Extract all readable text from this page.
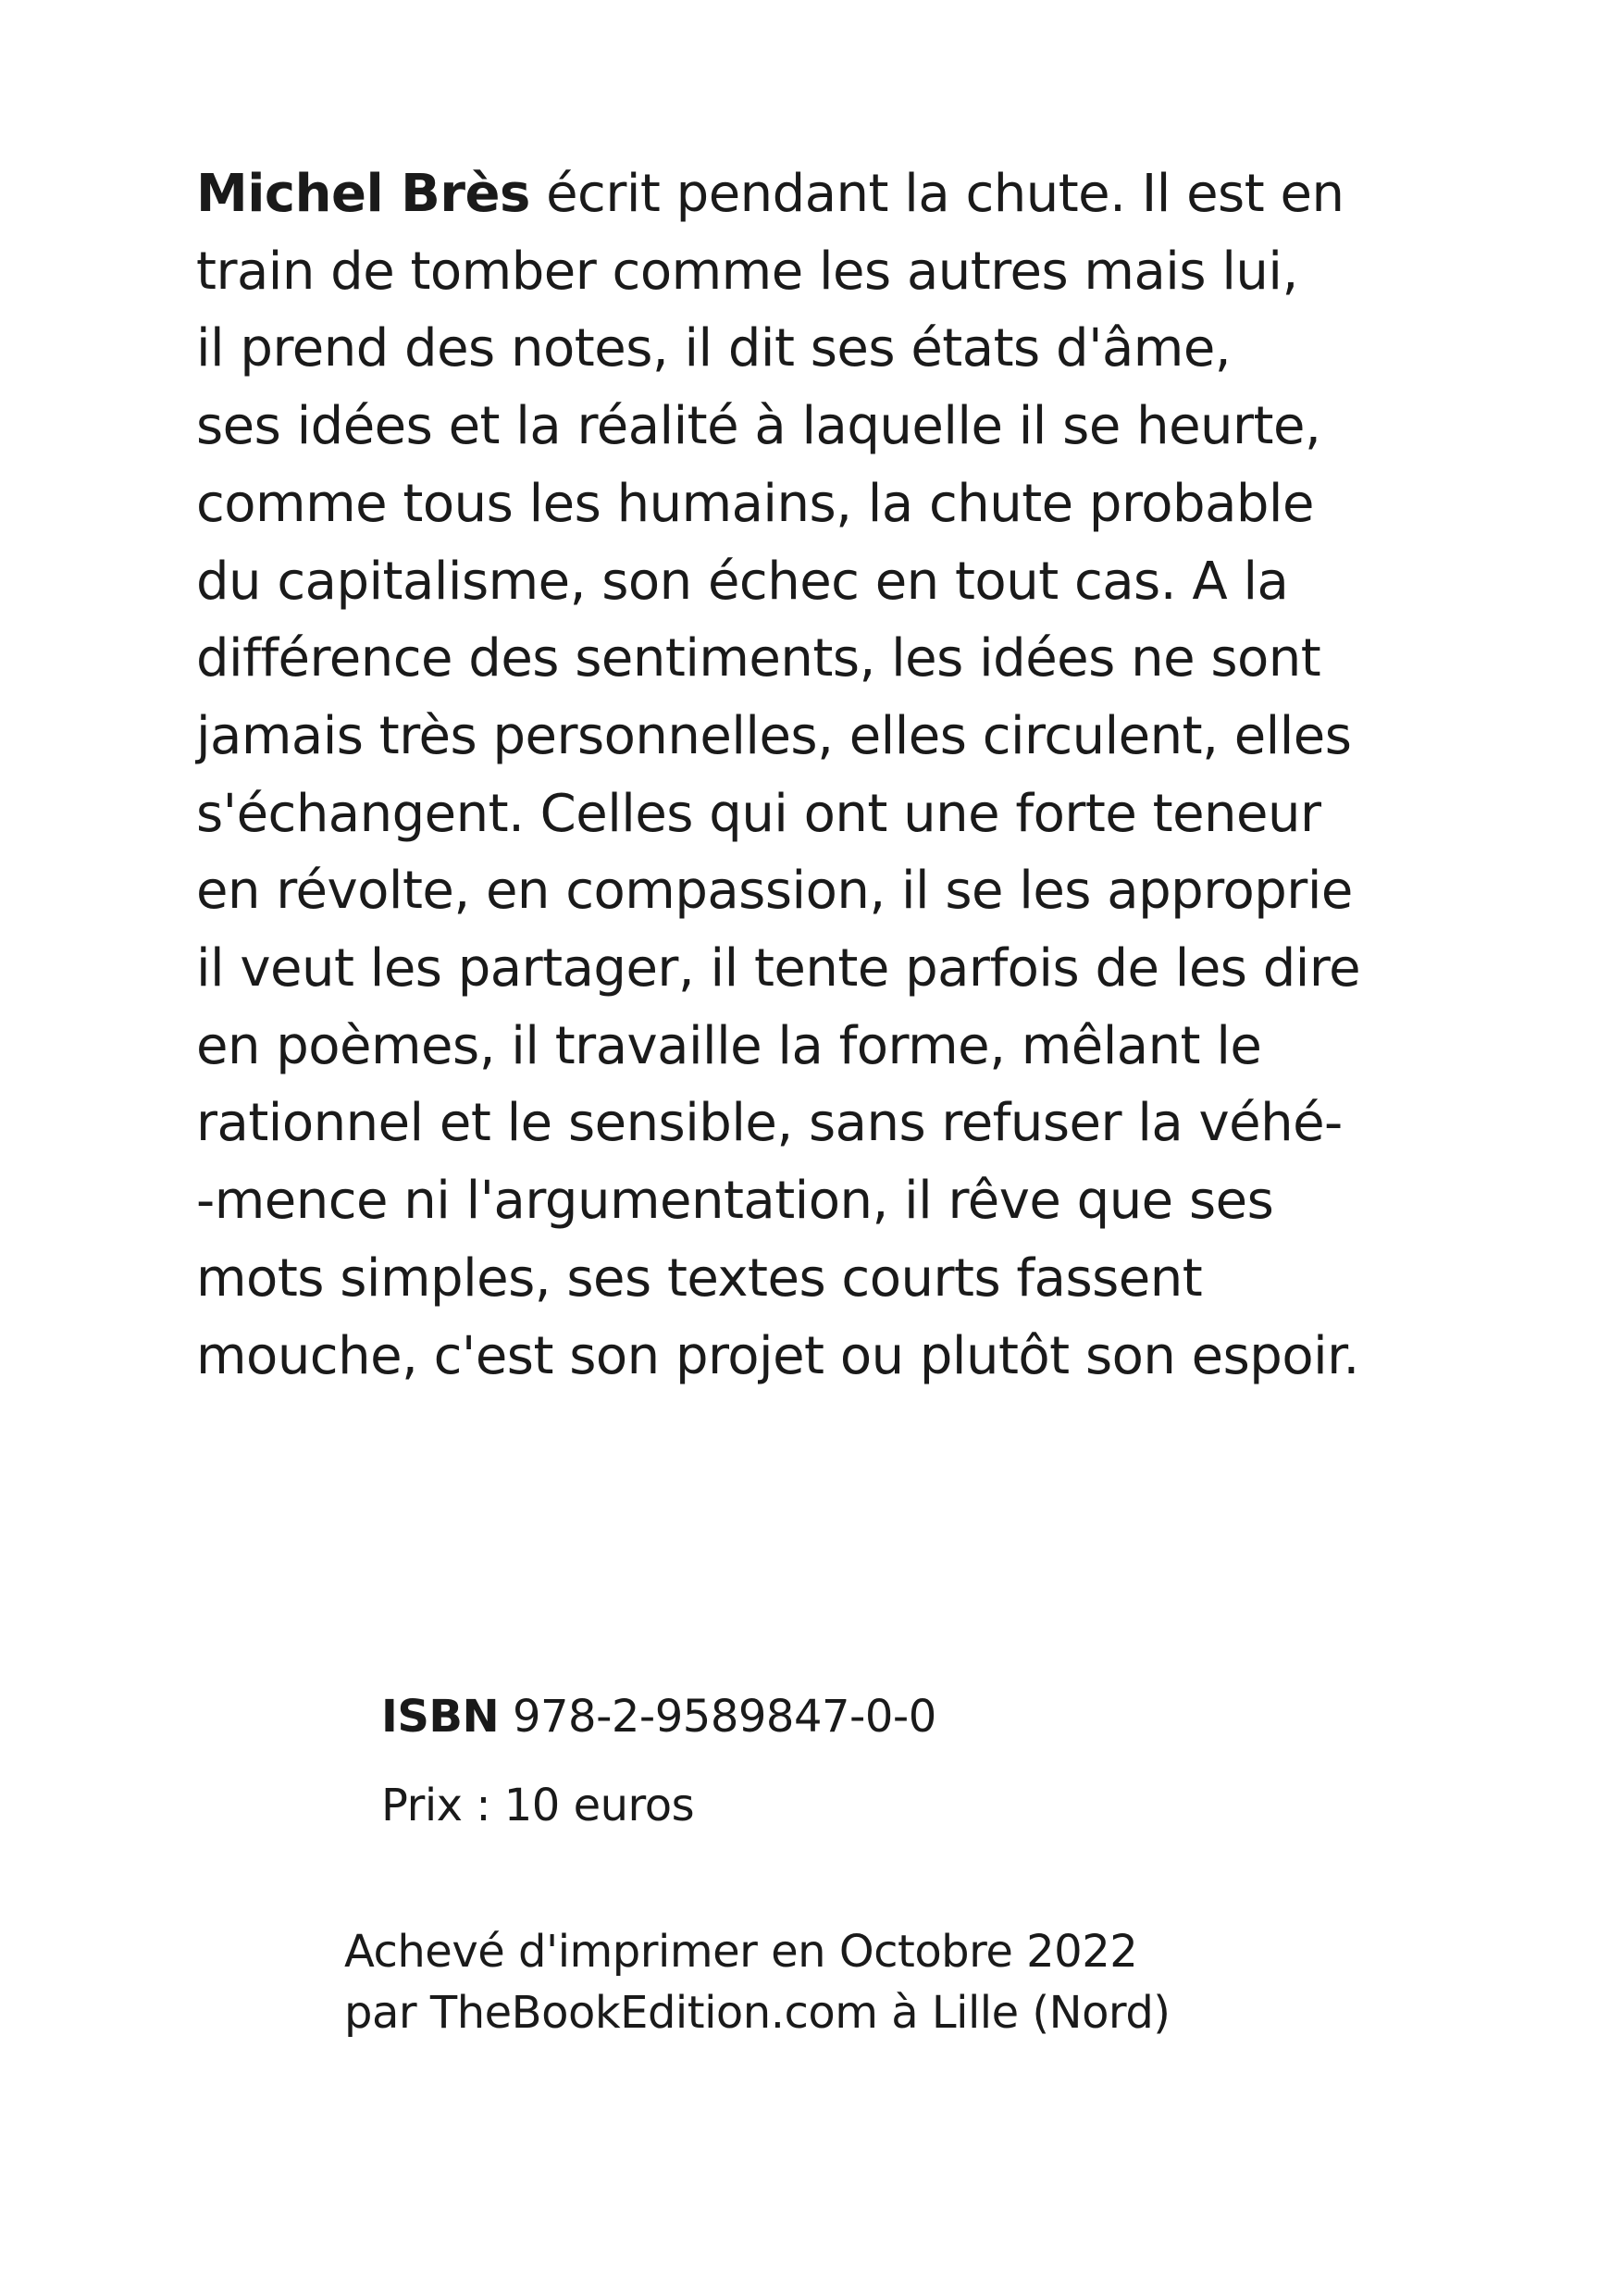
Michel Brès écrit pendant la chute. Il est en
train de tomber comme les autres mais lui,
il prend des notes, il dit ses états d'âme,
ses idées et la réalité à laquelle il se heurte,
comme tous les humains, la chute probable
du capitalisme, son échec en tout cas. A la
différence des sentiments, les idées ne sont
jamais très personnelles, elles circulent, elles
s'échangent. Celles qui ont une forte teneur
en révolte, en compassion, il se les approprie
il veut les partager, il tente parfois de les dire
en poèmes, il travaille la forme, mêlant le
rationnel et le sensible, sans refuser la véhé-
-mence ni l'argumentation, il rêve que ses
mots simples, ses textes courts fassent
mouche, c'est son projet ou plutôt son espoir.
ISBN 978-2-9589847-0-0
Prix : 10 euros
Achevé d'imprimer en Octobre 2022
par TheBookEdition.com à Lille (Nord)
